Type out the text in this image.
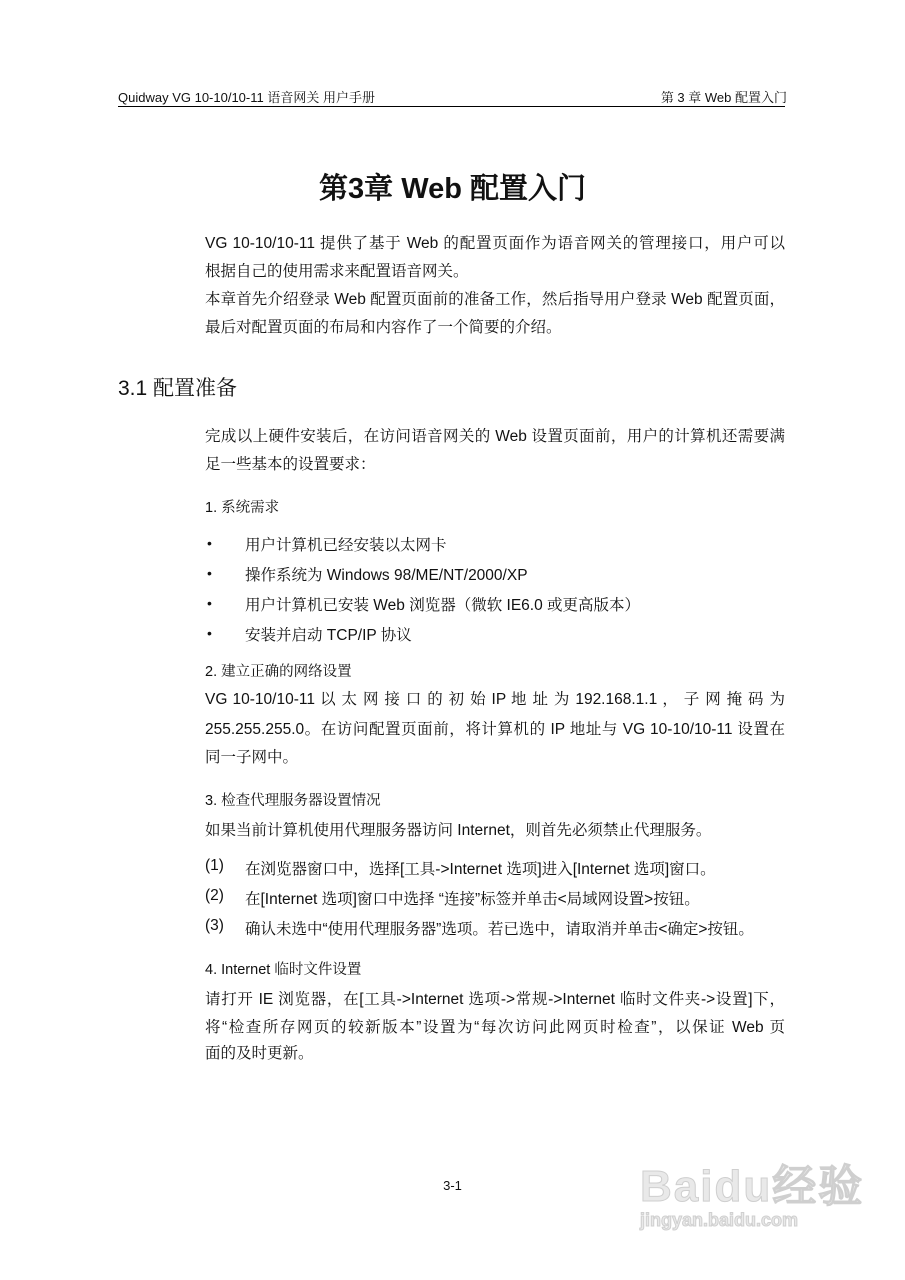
Quidway VG 10-10/10-11 语音网关 用户手册	第 3 章 Web 配置入门
第3章 Web 配置入门
VG 10-10/10-11 提供了基于 Web 的配置页面作为语音网关的管理接口，用户可以
根据自己的使用需求来配置语音网关。
本章首先介绍登录 Web 配置页面前的准备工作，然后指导用户登录 Web 配置页面，
最后对配置页面的布局和内容作了一个简要的介绍。
3.1 配置准备
完成以上硬件安装后，在访问语音网关的 Web 设置页面前，用户的计算机还需要满
足一些基本的设置要求：
1. 系统需求
• 用户计算机已经安装以太网卡
• 操作系统为 Windows 98/ME/NT/2000/XP
• 用户计算机已安装 Web 浏览器（微软 IE6.0 或更高版本）
• 安装并启动 TCP/IP 协议
2. 建立正确的网络设置
VG 10-10/10-11 以 太 网 接 口 的 初 始 IP 地 址 为 192.168.1.1 ， 子 网 掩 码 为
255.255.255.0。在访问配置页面前，将计算机的 IP 地址与 VG 10-10/10-11 设置在
同一子网中。
3. 检查代理服务器设置情况
如果当前计算机使用代理服务器访问 Internet，则首先必须禁止代理服务。
(1) 在浏览器窗口中，选择[工具->Internet 选项]进入[Internet 选项]窗口。
(2) 在[Internet 选项]窗口中选择 “连接”标签并单击<局域网设置>按钮。
(3) 确认未选中“使用代理服务器”选项。若已选中，请取消并单击<确定>按钮。
4. Internet 临时文件设置
请打开 IE 浏览器，在[工具->Internet 选项->常规->Internet 临时文件夹->设置]下，
将“检查所存网页的较新版本”设置为“每次访问此网页时检查”，以保证 Web 页
面的及时更新。
3-1	Baidu经验
jingyan.baidu.com
